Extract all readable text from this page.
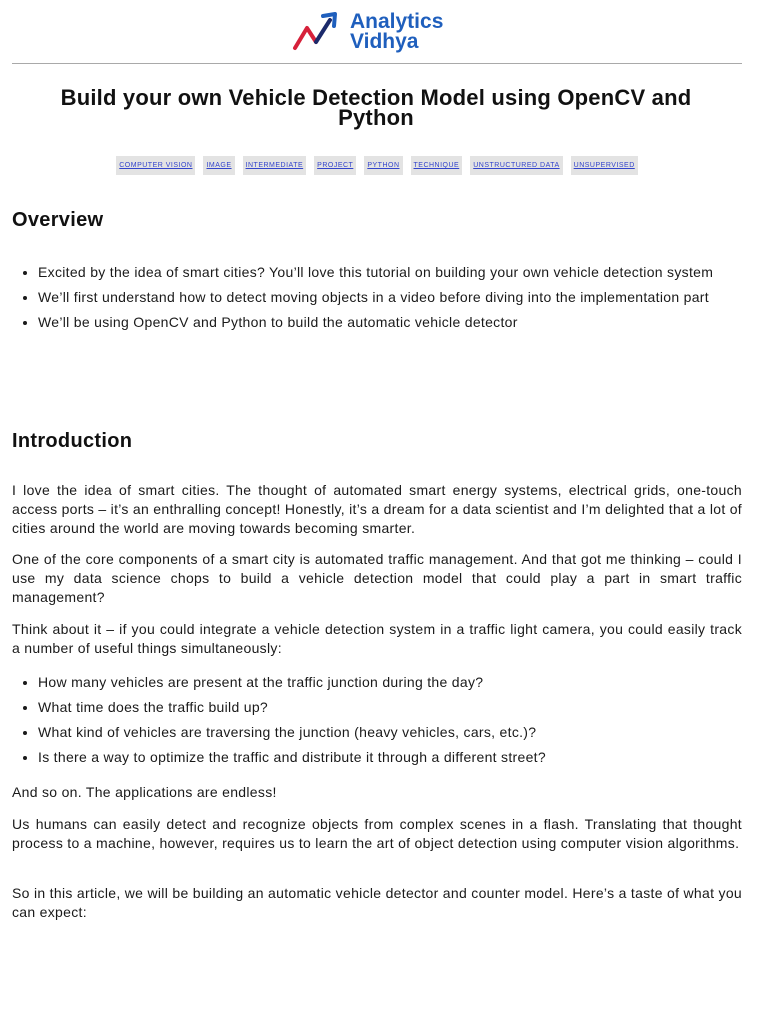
Analytics
Vidhya
Build your own Vehicle Detection Model using OpenCV and Python
COMPUTER VISION	IMAGE	INTERMEDIATE	PROJECT	PYTHON	TECHNIQUE	UNSTRUCTURED DATA	UNSUPERVISED
Overview
• Excited by the idea of smart cities? You’ll love this tutorial on building your own vehicle detection system
• We’ll first understand how to detect moving objects in a video before diving into the implementation part
• We’ll be using OpenCV and Python to build the automatic vehicle detector
Introduction

I love the idea of smart cities. The thought of automated smart energy systems, electrical grids, one-touch access ports – it’s an enthralling concept! Honestly, it’s a dream for a data scientist and I’m delighted that a lot of cities around the world are moving towards becoming smarter.

One of the core components of a smart city is automated traffic management. And that got me thinking – could I use my data science chops to build a vehicle detection model that could play a part in smart traffic management?

Think about it – if you could integrate a vehicle detection system in a traffic light camera, you could easily track a number of useful things simultaneously:

• How many vehicles are present at the traffic junction during the day?
• What time does the traffic build up?
• What kind of vehicles are traversing the junction (heavy vehicles, cars, etc.)?
• Is there a way to optimize the traffic and distribute it through a different street?

And so on. The applications are endless!

Us humans can easily detect and recognize objects from complex scenes in a flash. Translating that thought process to a machine, however, requires us to learn the art of object detection using computer vision algorithms.

So in this article, we will be building an automatic vehicle detector and counter model. Here’s a taste of what you can expect:
